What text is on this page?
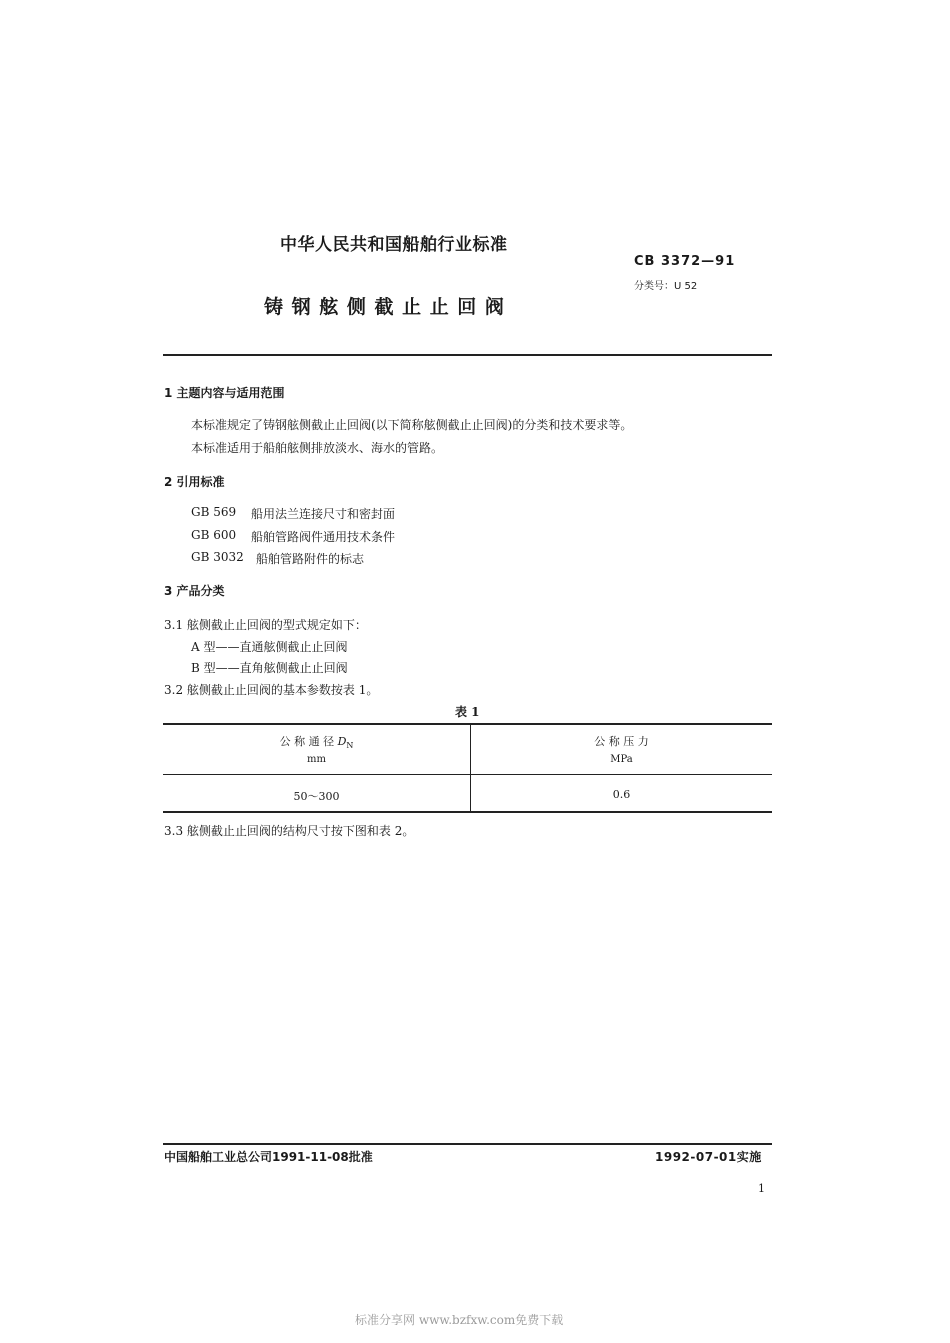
中华人民共和国船舶行业标准
CB 3372—91
分类号：U 52
铸 钢 舷 侧 截 止 止 回 阀
1 主题内容与适用范围
本标准规定了铸钢舷侧截止止回阀(以下简称舷侧截止止回阀)的分类和技术要求等。
本标准适用于船舶舷侧排放淡水、海水的管路。
2 引用标准
GB 569 船用法兰连接尺寸和密封面
GB 600 船舶管路阀件通用技术条件
GB 3032 船舶管路附件的标志
3 产品分类
3.1 舷侧截止止回阀的型式规定如下：
A 型——直通舷侧截止止回阀
B 型——直角舷侧截止止回阀
3.2 舷侧截止止回阀的基本参数按表 1。
表 1
公 称 通 径 $D_N$
mm
公 称 压 力
MPa
50～300	0.6
3.3 舷侧截止止回阀的结构尺寸按下图和表 2。
中国船舶工业总公司1991-11-08批准	1992-07-01实施
1
标准分享网 www.bzfxw.com免费下载
